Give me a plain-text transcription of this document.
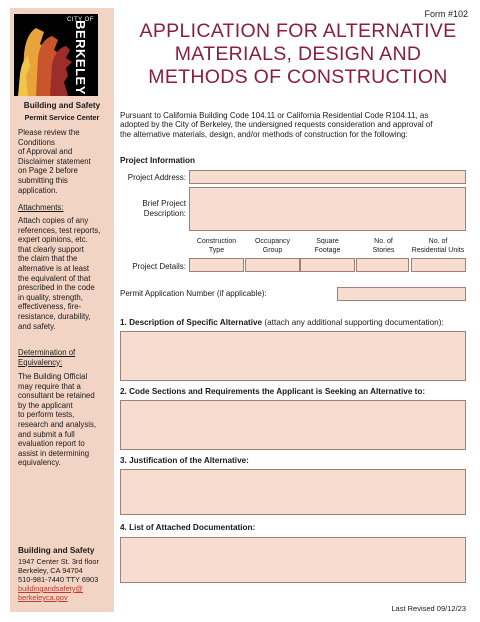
CITY OF
BERKELEY
Building and Safety
Permit Service Center
Please review the
Conditions
of Approval and
Disclaimer statement
on Page 2 before
submitting this
application.
Attachments:
Attach copies of any
references, test reports,
expert opinions, etc.
that clearly support
the claim that the
alternative is at least
the equivalent of that
prescribed in the code
in quality, strength,
effectiveness, fire-
resistance, durability,
and safety.
Determination of
Equivalency:
The Building Official
may require that a
consultant be retained
by the applicant
to perform tests,
research and analysis,
and submit a full
evaluation report to
assist in determining
equivalency.
Building and Safety
1947 Center St. 3rd floor
Berkeley, CA 94704
510-981-7440 TTY 6903
buildingandsafety@
berkeleyca.gov
Form #102
APPLICATION FOR ALTERNATIVE
MATERIALS, DESIGN AND
METHODS OF CONSTRUCTION
Pursuant to California Building Code 104.11 or California Residential Code R104.11, as
adopted by the City of Berkeley, the undersigned requests consideration and approval of
the alternative materials, design, and/or methods of construction for the following:
Project Information
Project Address:
Brief Project
Description:
Construction
Type
Occupancy
Group
Square
Footage
No. of
Stories
No. of
Residential Units
Project Details:
Permit Application Number (if applicable):
1. Description of Specific Alternative (attach any additional supporting documentation):
2. Code Sections and Requirements the Applicant is Seeking an Alternative to:
3. Justification of the Alternative:
4. List of Attached Documentation:
Last Revised 09/12/23
